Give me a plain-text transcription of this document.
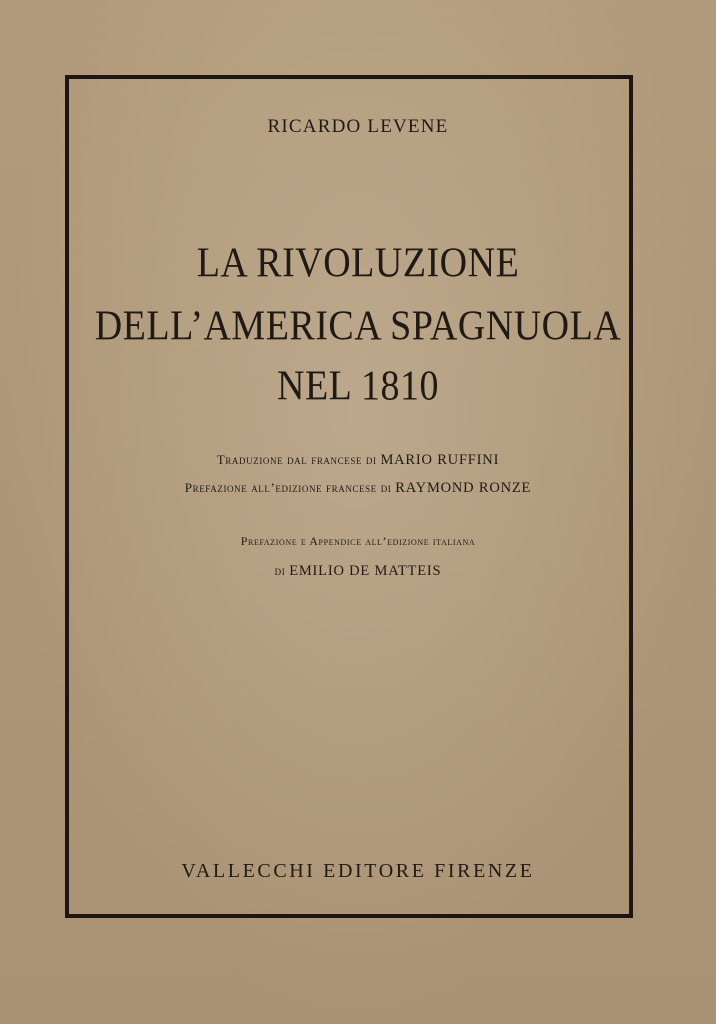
RICARDO LEVENE
LA RIVOLUZIONE
DELL’AMERICA SPAGNUOLA
NEL 1810
Traduzione dal francese di MARIO RUFFINI
Prefazione all’edizione francese di RAYMOND RONZE
Prefazione e Appendice all’edizione italiana
di EMILIO DE MATTEIS
VALLECCHI EDITORE FIRENZE
